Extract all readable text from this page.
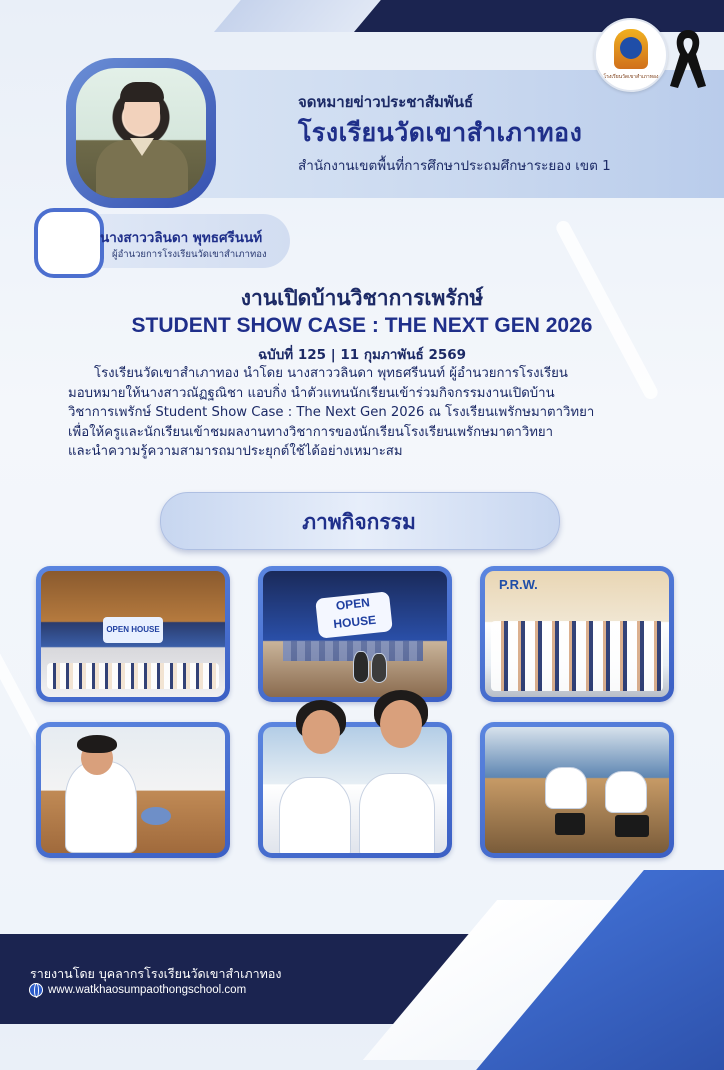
จดหมายข่าวประชาสัมพันธ์
โรงเรียนวัดเขาสำเภาทอง
สำนักงานเขตพื้นที่การศึกษาประถมศึกษาระยอง เขต 1
โรงเรียนวัดเขาสำเภาทอง
นางสาววลินดา พุทธศรีนนท์
ผู้อำนวยการโรงเรียนวัดเขาสำเภาทอง
งานเปิดบ้านวิชาการเพรักษ์
STUDENT SHOW CASE : THE NEXT GEN 2026
ฉบับที่ 125 | 11 กุมภาพันธ์ 2569

โรงเรียนวัดเขาสำเภาทอง นำโดย นางสาววลินดา พุทธศรีนนท์ ผู้อำนวยการโรงเรียน

มอบหมายให้นางสาวณัฏฐณิชา แอบกิ่ง นำตัวแทนนักเรียนเข้าร่วมกิจกรรมงานเปิดบ้าน

วิชาการเพรักษ์ Student Show Case : The Next Gen 2026 ณ โรงเรียนเพรักษมาตาวิทยา

เพื่อให้ครูและนักเรียนเข้าชมผลงานทางวิชาการของนักเรียนโรงเรียนเพรักษมาตาวิทยา

และนำความรู้ความสามารถมาประยุกต์ใช้ได้อย่างเหมาะสม

ภาพกิจกรรม
OPEN HOUSE
OPEN HOUSE
P.R.W.
รายงานโดย บุคลากรโรงเรียนวัดเขาสำเภาทอง
www.watkhaosumpaothongschool.com
